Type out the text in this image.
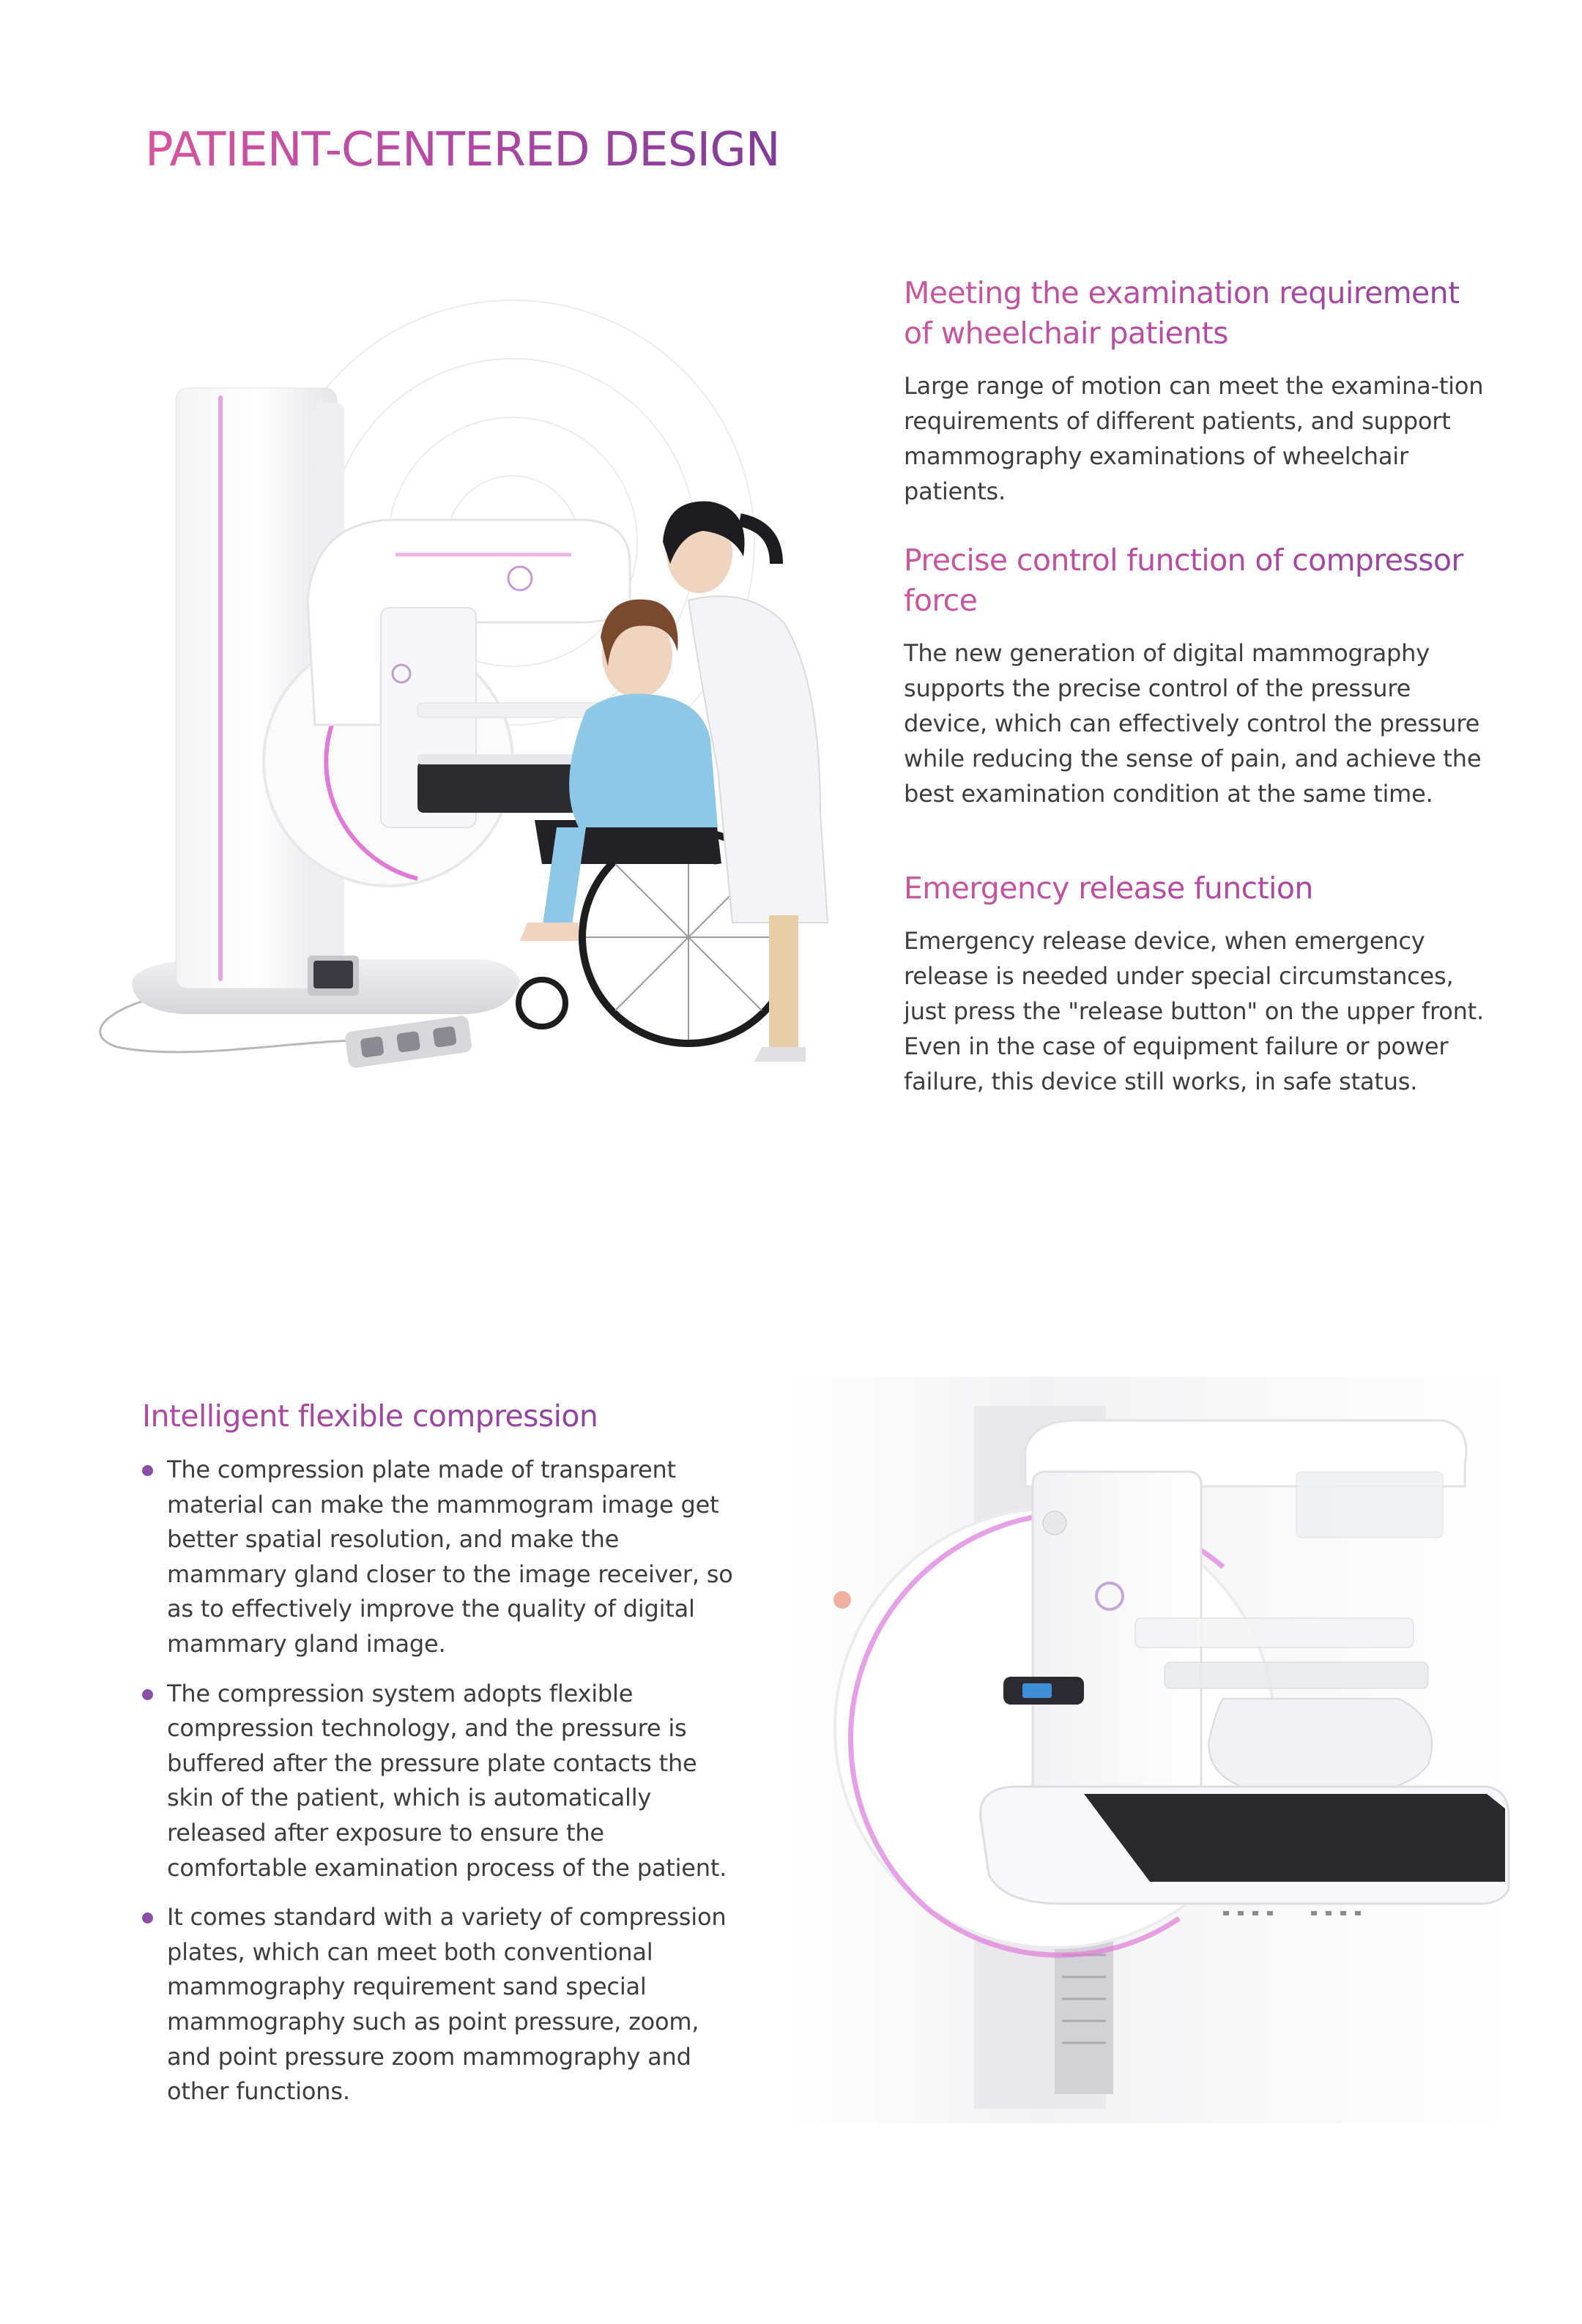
PATIENT-CENTERED DESIGN
Meeting the examination requirement of wheelchair patients

Large range of motion can meet the examina-tion requirements of different patients, and support mammography examinations of wheelchair patients.

Precise control function of compressor force

The new generation of digital mammography supports the precise control of the pressure device, which can effectively control the pressure while reducing the sense of pain, and achieve the best examination condition at the same time.

Emergency release function

Emergency release device, when emergency release is needed under special circumstances, just press the "release button" on the upper front. Even in the case of equipment failure or power failure, this device still works, in safe status.

Intelligent flexible compression

The compression plate made of transparent material can make the mammogram image get better spatial resolution, and make the mammary gland closer to the image receiver, so as to effectively improve the quality of digital mammary gland image.

The compression system adopts flexible compression technology, and the pressure is buffered after the pressure plate contacts the skin of the patient, which is automatically released after exposure to ensure the comfortable examination process of the patient.

It comes standard with a variety of compression plates, which can meet both conventional mammography requirement sand special mammography such as point pressure, zoom, and point pressure zoom mammography and other functions.
